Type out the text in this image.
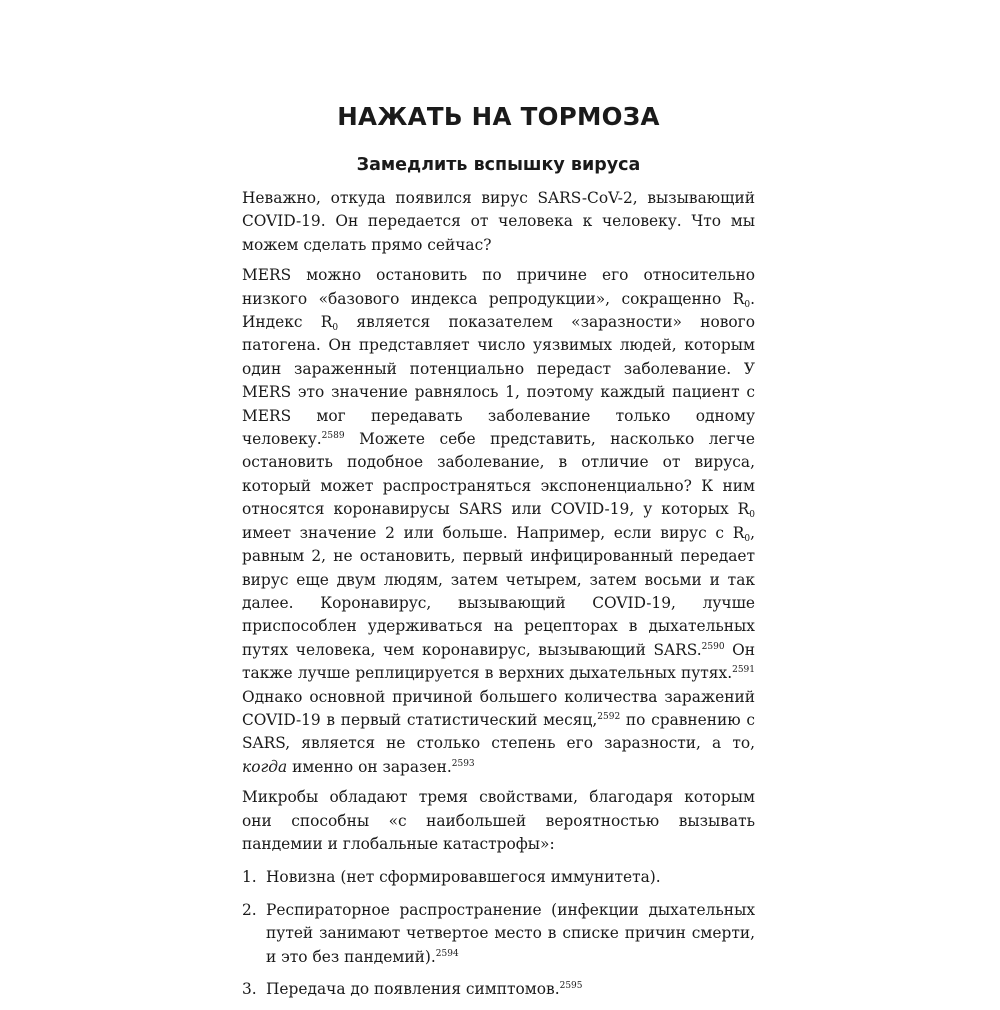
НАЖАТЬ НА ТОРМОЗА
Замедлить вспышку вируса

Неважно, откуда появился вирус SARS-CoV-2, вызывающий COVID-19. Он передается от человека к человеку. Что мы можем сделать прямо сейчас?

MERS можно остановить по причине его относительно низкого «базового индекса репродукции», сокращенно $R_0$. Индекс $R_0$ является показателем «заразности» нового патогена. Он представляет число уязвимых людей, которым один зараженный потенциально передаст заболевание. У MERS это значение равнялось 1, поэтому каждый пациент с MERS мог передавать заболевание только одному человеку.$^{2589}$ Можете себе представить, насколько легче остановить подобное заболевание, в отличие от вируса, который может распространяться экспоненциально? К ним относятся коронавирусы SARS или COVID-19, у которых $R_0$ имеет значение 2 или больше. Например, если вирус с $R_0$, равным 2, не остановить, первый инфицированный передает вирус еще двум людям, затем четырем, затем восьми и так далее. Коронавирус, вызывающий COVID-19, лучше приспособлен удерживаться на рецепторах в дыхательных путях человека, чем коронавирус, вызывающий SARS.$^{2590}$ Он также лучше реплицируется в верхних дыхательных путях.$^{2591}$ Однако основной причиной большего количества заражений COVID-19 в первый статистический месяц,$^{2592}$ по сравнению с SARS, является не столько степень его заразности, а то, когда именно он заразен.$^{2593}$

Микробы обладают тремя свойствами, благодаря которым они способны «с наибольшей вероятностью вызывать пандемии и глобальные катастрофы»:

1. Новизна (нет сформировавшегося иммунитета).
2. Респираторное распространение (инфекции дыхательных путей занимают четвертое место в списке причин смерти, и это без пандемий).$^{2594}$
3. Передача до появления симптомов.$^{2595}$
